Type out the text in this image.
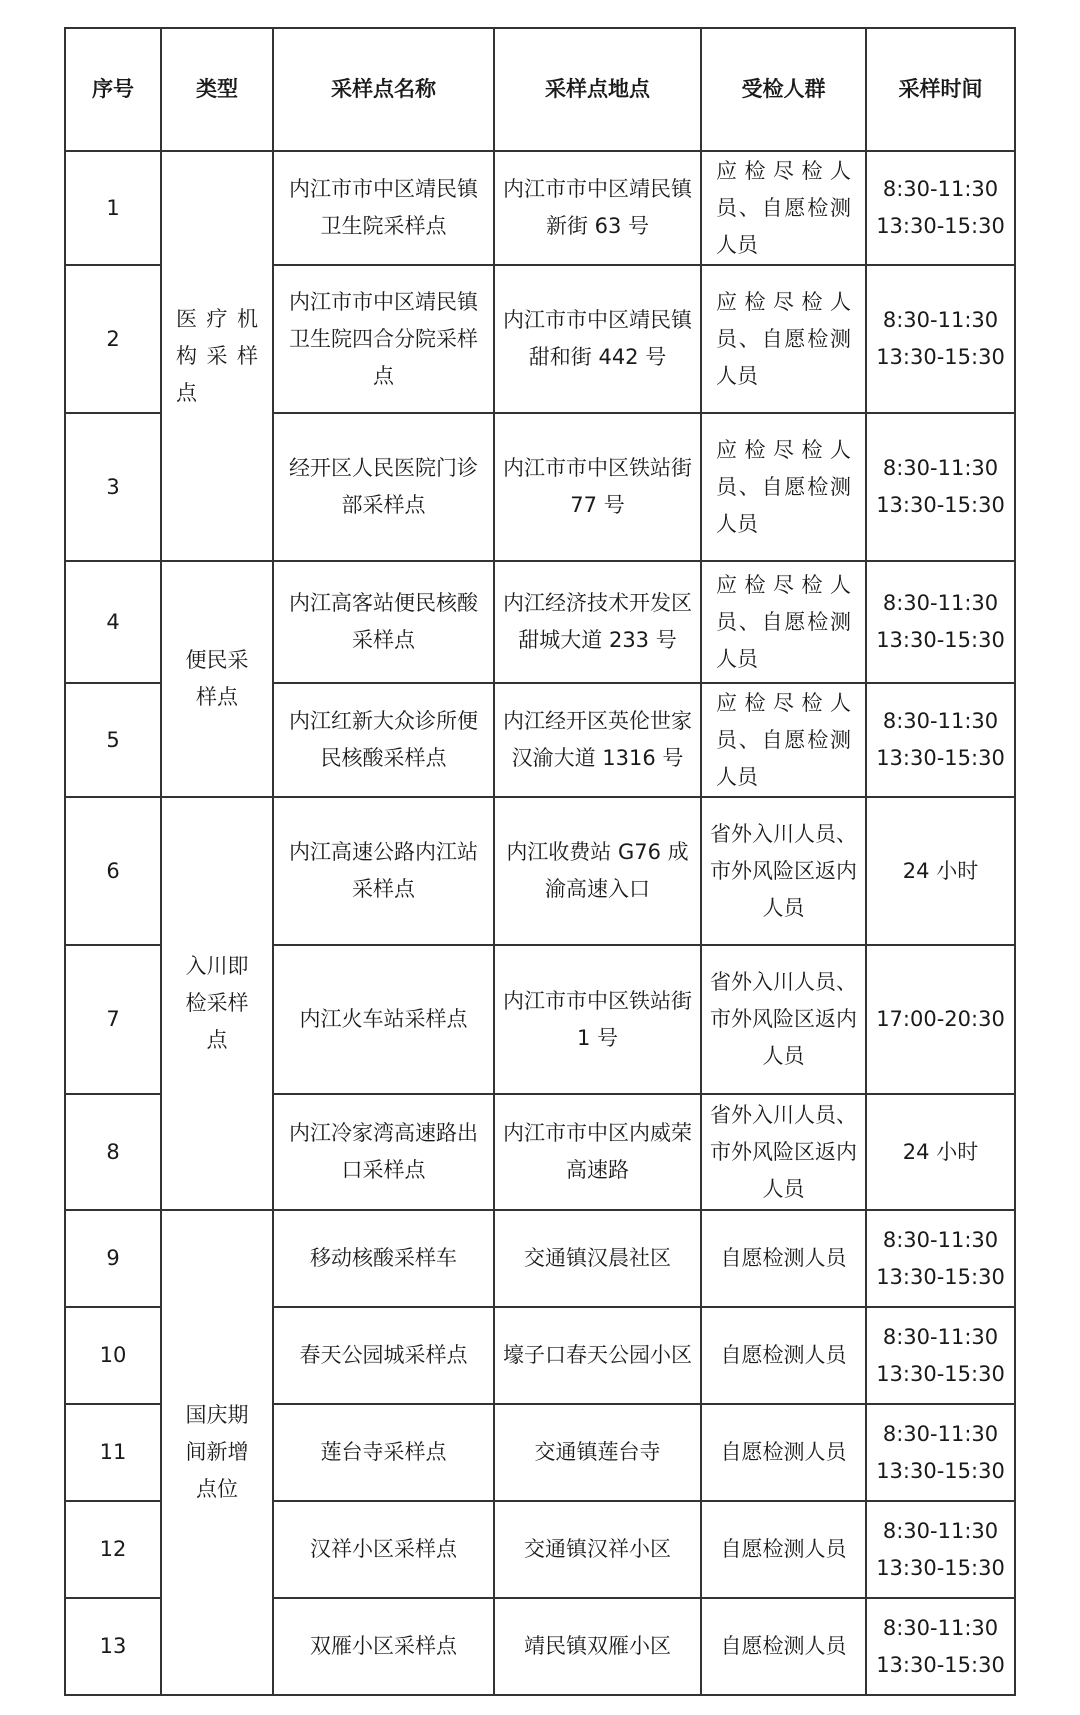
序号	类型	采样点名称	采样点地点	受检人群	采样时间
1	医疗机构采样点	内江市市中区靖民镇卫生院采样点	内江市市中区靖民镇新街 63 号	应检尽检人员、自愿检测人员	8:30-11:30 13:30-15:30
2		内江市市中区靖民镇卫生院四合分院采样点	内江市市中区靖民镇甜和街 442 号	应检尽检人员、自愿检测人员	8:30-11:30 13:30-15:30
3		经开区人民医院门诊部采样点	内江市市中区铁站街 77 号	应检尽检人员、自愿检测人员	8:30-11:30 13:30-15:30
4	便民采样点	内江高客站便民核酸采样点	内江经济技术开发区甜城大道 233 号	应检尽检人员、自愿检测人员	8:30-11:30 13:30-15:30
5		内江红新大众诊所便民核酸采样点	内江经开区英伦世家汉渝大道 1316 号	应检尽检人员、自愿检测人员	8:30-11:30 13:30-15:30
6	入川即检采样点	内江高速公路内江站采样点	内江收费站 G76 成渝高速入口	省外入川人员、市外风险区返内人员	24 小时
7		内江火车站采样点	内江市市中区铁站街 1 号	省外入川人员、市外风险区返内人员	17:00-20:30
8		内江冷家湾高速路出口采样点	内江市市中区内威荣高速路	省外入川人员、市外风险区返内人员	24 小时
9	国庆期间新增点位	移动核酸采样车	交通镇汉晨社区	自愿检测人员	8:30-11:30 13:30-15:30
10		春天公园城采样点	壕子口春天公园小区	自愿检测人员	8:30-11:30 13:30-15:30
11		莲台寺采样点	交通镇莲台寺	自愿检测人员	8:30-11:30 13:30-15:30
12		汉祥小区采样点	交通镇汉祥小区	自愿检测人员	8:30-11:30 13:30-15:30
13		双雁小区采样点	靖民镇双雁小区	自愿检测人员	8:30-11:30 13:30-15:30
